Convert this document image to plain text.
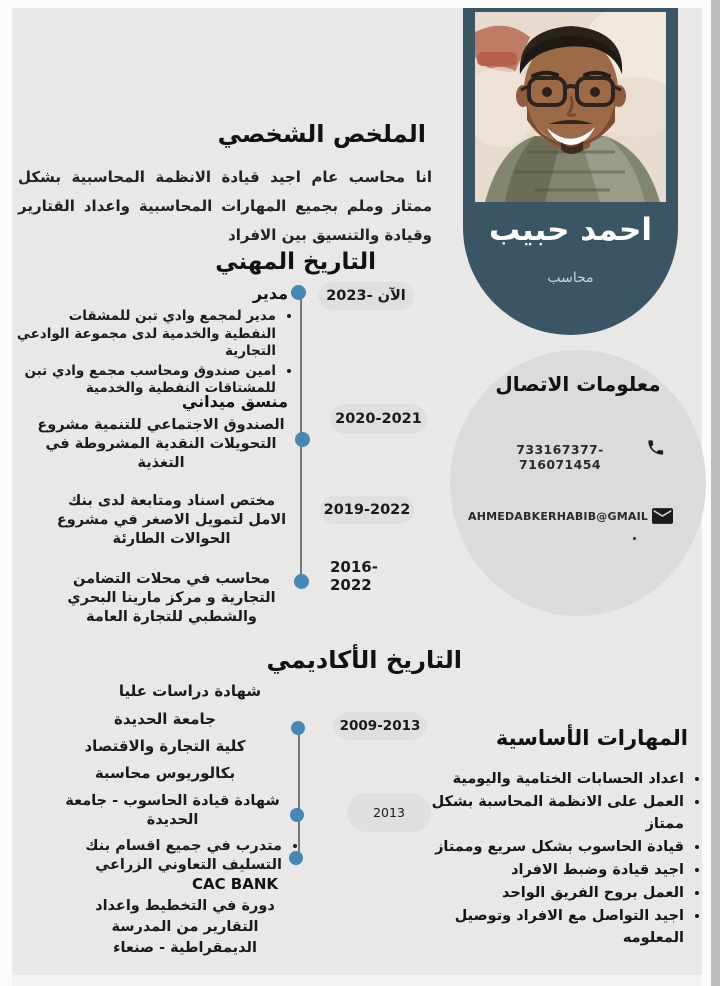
الملخص الشخصي
انا محاسب عام اجيد قيادة الانظمة المحاسبية بشكل ممتاز وملم بجميع المهارات المحاسبية واعداد القتارير وقيادة والتنسيق بين الافراد
التاريخ المهني
الآن -2023
مدير
• مدير لمجمع وادي تبن للمشقات النفطية والخدمية لدى مجموعة الوادعي التجارية
• امين صندوق ومحاسب مجمع وادي تبن للمشتاقات النفطية والخدمية
2020-2021
منسق ميداني
الصندوق الاجتماعي للتنمية مشروع التحويلات النقدية المشروطة في التغذية
2019-2022
مختص اسناد ومتابعة لدى بنك الامل لتمويل الاصغر في مشروع الحوالات الطارئة
2016-2022
محاسب في محلات التضامن التجارية و مركز مارينا البحري والشطبي للتجارة العامة
التاريخ الأكاديمي
شهادة دراسات عليا
2009-2013
2013
جامعة الحديدة
كلية التجارة والاقتصاد
بكالوريوس محاسبة
شهادة قيادة الحاسوب - جامعة الحديدة
• متدرب في جميع اقسام بنك التسليف التعاوني الزراعي
CAC BANK
دورة في التخطيط واعداد التقارير من المدرسة الديمقراطية - صنعاء
احمد حبيب
محاسب
معلومات الاتصال
733167377-716071454
AHMEDABKERHABIB@GMAIL
المهارات الأساسية
• اعداد الحسابات الختامية واليومية
• العمل على الانظمة المحاسبة بشكل ممتاز
• قيادة الحاسوب بشكل سريع وممتاز
• اجيد قيادة وضبط الافراد
• العمل بروح الفريق الواحد
• اجيد التواصل مع الافراد وتوصيل المعلومه
